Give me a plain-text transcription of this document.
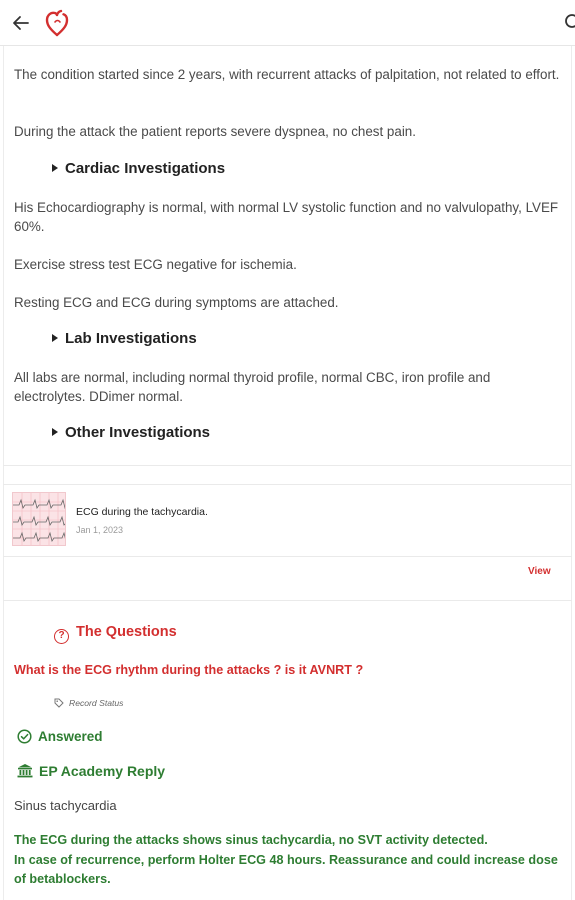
The condition started since 2 years, with recurrent attacks of palpitation, not related to effort.
During the attack the patient reports severe dyspnea, no chest pain.
Cardiac Investigations
His Echocardiography is normal, with normal LV systolic function and no valvulopathy, LVEF 60%.
Exercise stress test ECG negative for ischemia.
Resting ECG and ECG during symptoms are attached.
Lab Investigations
All labs are normal, including normal thyroid profile, normal CBC, iron profile and electrolytes. DDimer normal.
Other Investigations
ECG during the tachycardia.
Jan 1, 2023
View
? The Questions
What is the ECG rhythm during the attacks ? is it AVNRT ?
Record Status
Answered
EP Academy Reply
Sinus tachycardia
The ECG during the attacks shows sinus tachycardia, no SVT activity detected.
In case of recurrence, perform Holter ECG 48 hours. Reassurance and could increase dose of betablockers.
